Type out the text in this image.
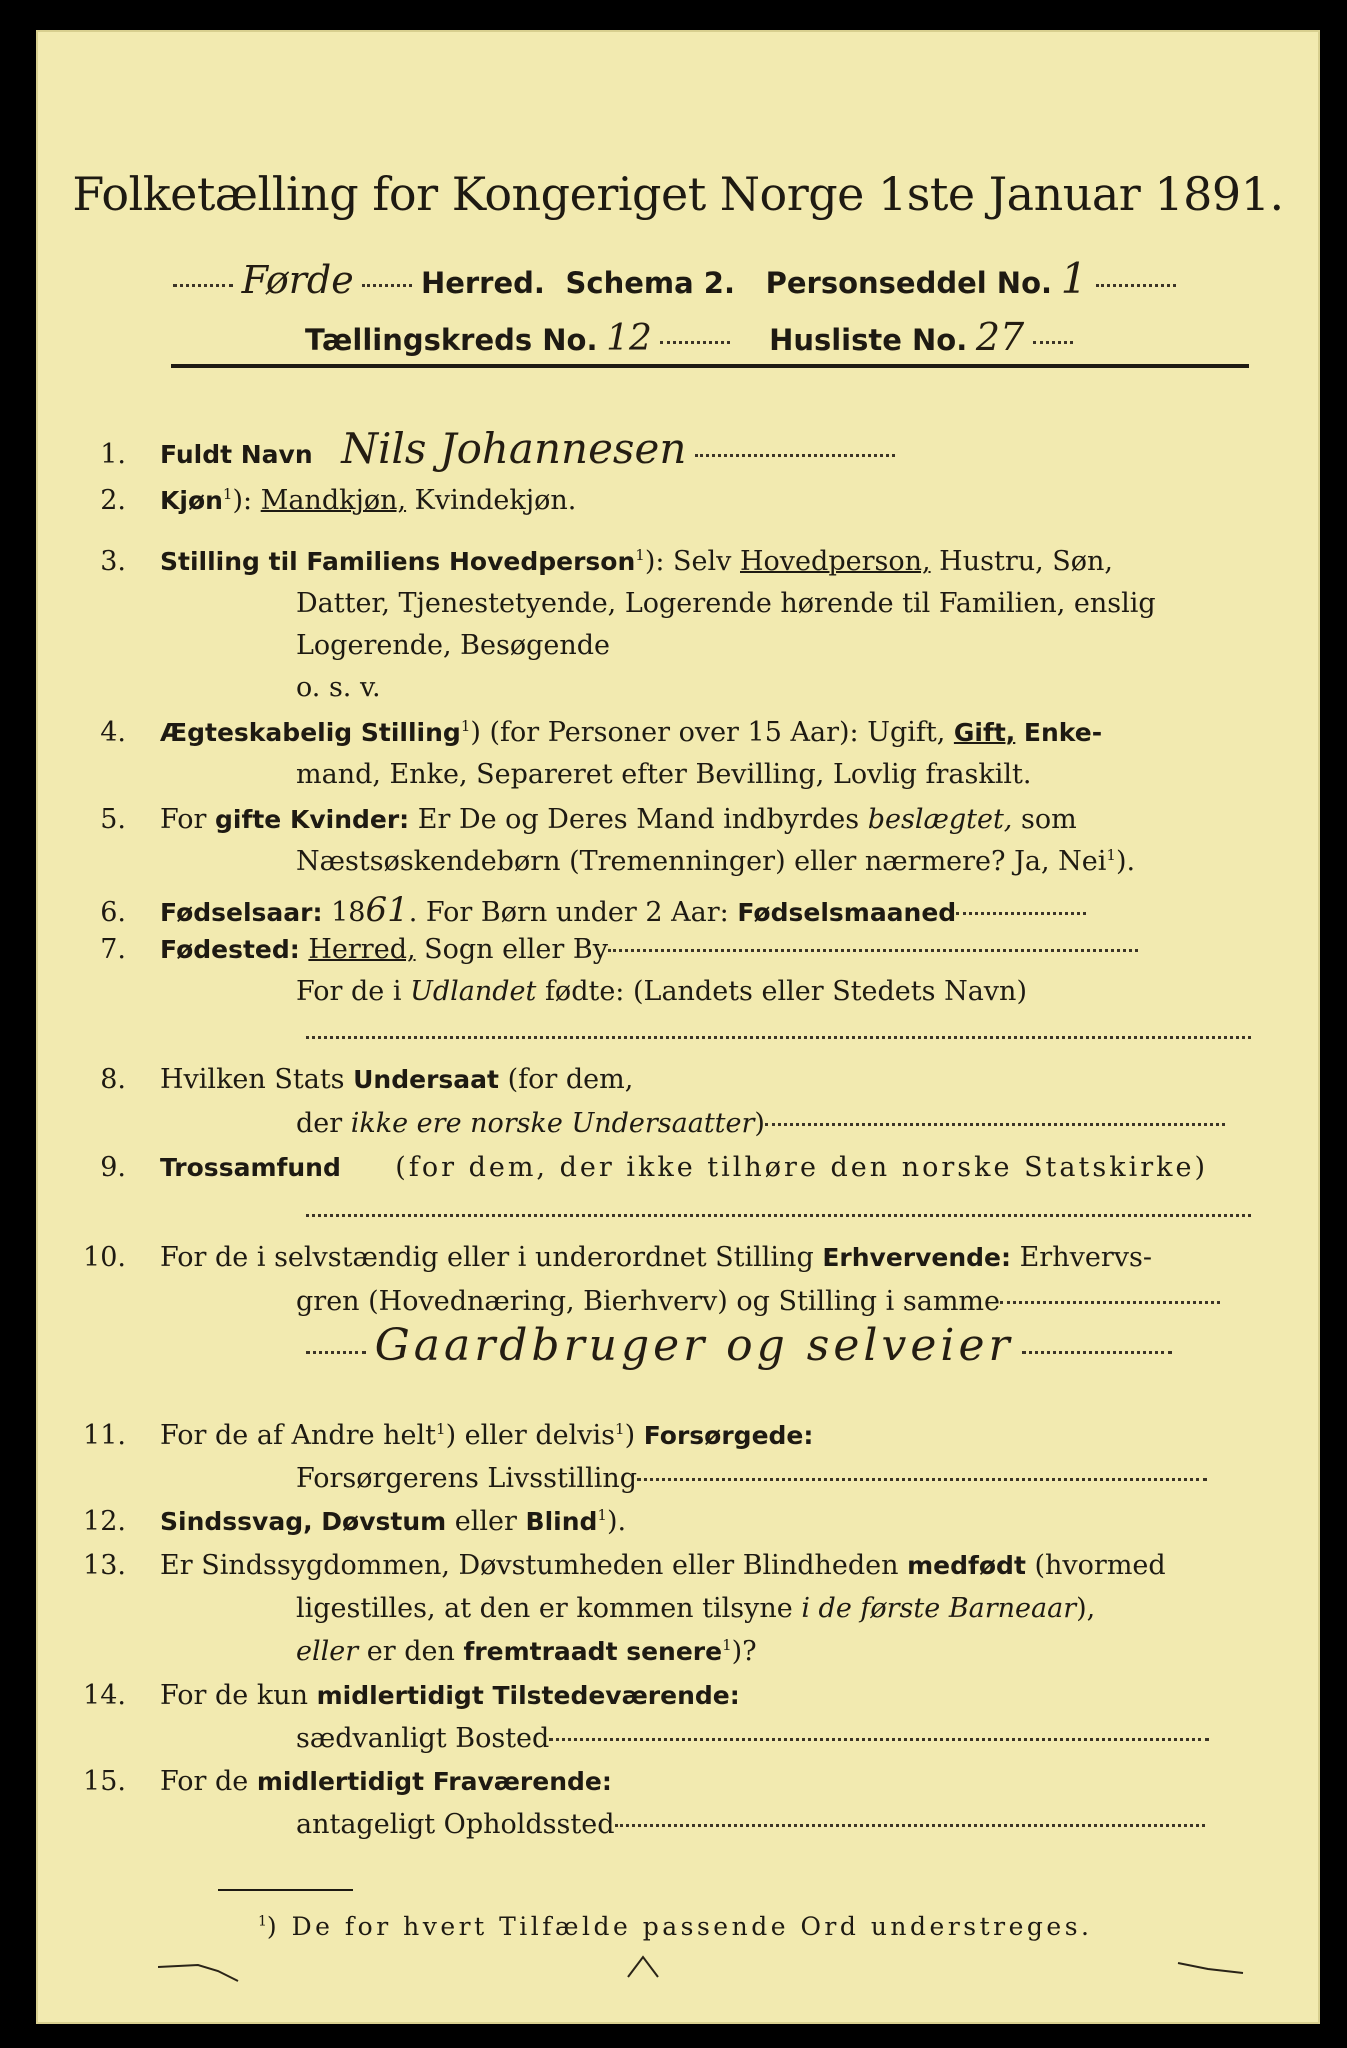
Folketælling for Kongeriget Norge 1ste Januar 1891.
Førde Herred. Schema 2. Personseddel No. 1
Tællingskreds No. 12	Husliste No. 27
1. Fuldt Navn Nils Johannesen
2. Kjøn$^1$): Mandkjøn, Kvindekjøn.
3. Stilling til Familiens Hovedperson$^1$): Selv Hovedperson, Hustru, Søn,
Datter, Tjenestetyende, Logerende hørende til Familien, enslig
Logerende, Besøgende
o. s. v.
4. Ægteskabelig Stilling$^1$) (for Personer over 15 Aar): Ugift, Gift, Enke-
mand, Enke, Separeret efter Bevilling, Lovlig fraskilt.
5. For gifte Kvinder: Er De og Deres Mand indbyrdes beslægtet, som
Næstsøskendebørn (Tremenninger) eller nærmere? Ja, Nei$^1$).
6. Fødselsaar: 1861. For Børn under 2 Aar: Fødselsmaaned
7. Fødested: Herred, Sogn eller By
For de i Udlandet fødte: (Landets eller Stedets Navn)
8. Hvilken Stats Undersaat (for dem,
der ikke ere norske Undersaatter)
9. Trossamfund (for dem, der ikke tilhøre den norske Statskirke)
10. For de i selvstændig eller i underordnet Stilling Erhvervende: Erhvervs-
gren (Hovednæring, Bierhverv) og Stilling i samme
Gaardbruger og selveier
11. For de af Andre helt$^1$) eller delvis$^1$) Forsørgede:
Forsørgerens Livsstilling
12. Sindssvag, Døvstum eller Blind$^1$).
13. Er Sindssygdommen, Døvstumheden eller Blindheden medfødt (hvormed
ligestilles, at den er kommen tilsyne i de første Barneaar),
eller er den fremtraadt senere$^1$)?
14. For de kun midlertidigt Tilstedeværende:
sædvanligt Bosted
15. For de midlertidigt Fraværende:
antageligt Opholdssted
$^1$) De for hvert Tilfælde passende Ord understreges.
